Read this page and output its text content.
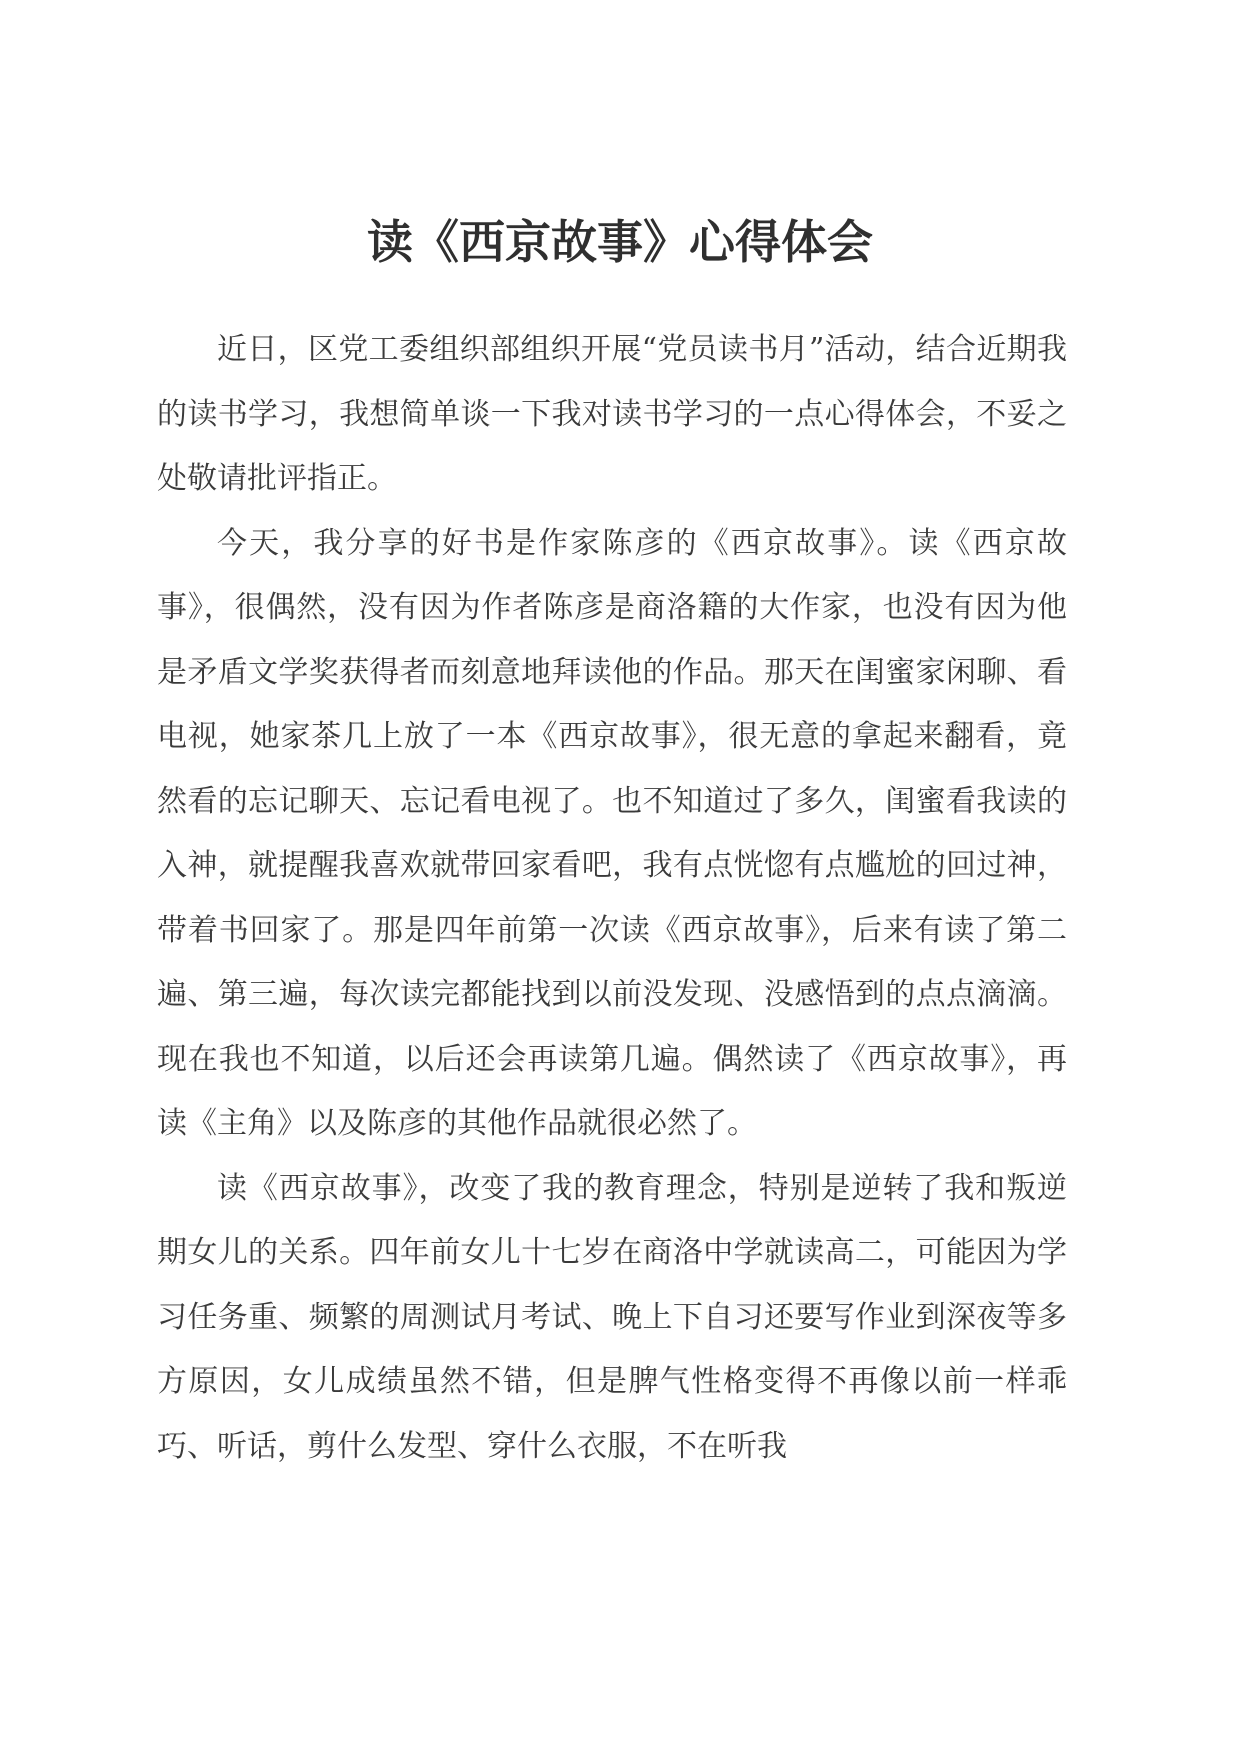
读《西京故事》心得体会

近日，区党工委组织部组织开展“党员读书月”活动，结合近期我的读书学习，我想简单谈一下我对读书学习的一点心得体会，不妥之处敬请批评指正。

今天，我分享的好书是作家陈彦的《西京故事》。读《西京故事》，很偶然，没有因为作者陈彦是商洛籍的大作家，也没有因为他是矛盾文学奖获得者而刻意地拜读他的作品。那天在闺蜜家闲聊、看电视，她家茶几上放了一本《西京故事》，很无意的拿起来翻看，竟然看的忘记聊天、忘记看电视了。也不知道过了多久，闺蜜看我读的入神，就提醒我喜欢就带回家看吧，我有点恍惚有点尴尬的回过神，带着书回家了。那是四年前第一次读《西京故事》，后来有读了第二遍、第三遍，每次读完都能找到以前没发现、没感悟到的点点滴滴。现在我也不知道，以后还会再读第几遍。偶然读了《西京故事》，再读《主角》以及陈彦的其他作品就很必然了。

读《西京故事》，改变了我的教育理念，特别是逆转了我和叛逆期女儿的关系。四年前女儿十七岁在商洛中学就读高二，可能因为学习任务重、频繁的周测试月考试、晚上下自习还要写作业到深夜等多方原因，女儿成绩虽然不错，但是脾气性格变得不再像以前一样乖巧、听话，剪什么发型、穿什么衣服，不在听我
